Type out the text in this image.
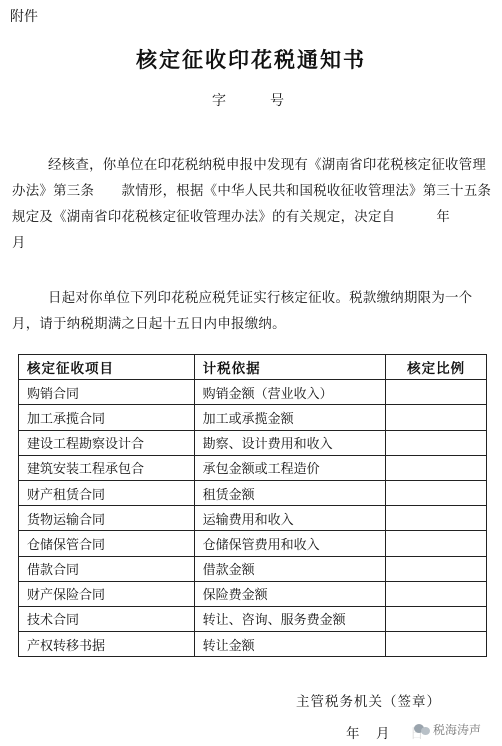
附件
核定征收印花税通知书
字	号
经核查，你单位在印花税纳税申报中发现有《湖南省印花税核定征收管理办法》第三条　　款情形，根据《中华人民共和国税收征收管理法》第三十五条规定及《湖南省印花税核定征收管理办法》的有关规定，决定自　　　年　　　月
日起对你单位下列印花税应税凭证实行核定征收。税款缴纳期限为一个月，请于纳税期满之日起十五日内申报缴纳。
核定征收项目	计税依据	核定比例
购销合同	购销金额（营业收入）	
加工承揽合同	加工或承揽金额	
建设工程勘察设计合	勘察、设计费用和收入	
建筑安装工程承包合	承包金额或工程造价	
财产租赁合同	租赁金额	
货物运输合同	运输费用和收入	
仓储保管合同	仓储保管费用和收入	
借款合同	借款金额	
财产保险合同	保险费金额	
技术合同	转让、咨询、服务费金额	
产权转移书据	转让金额	
主管税务机关（签章）
年 月	税海涛声
